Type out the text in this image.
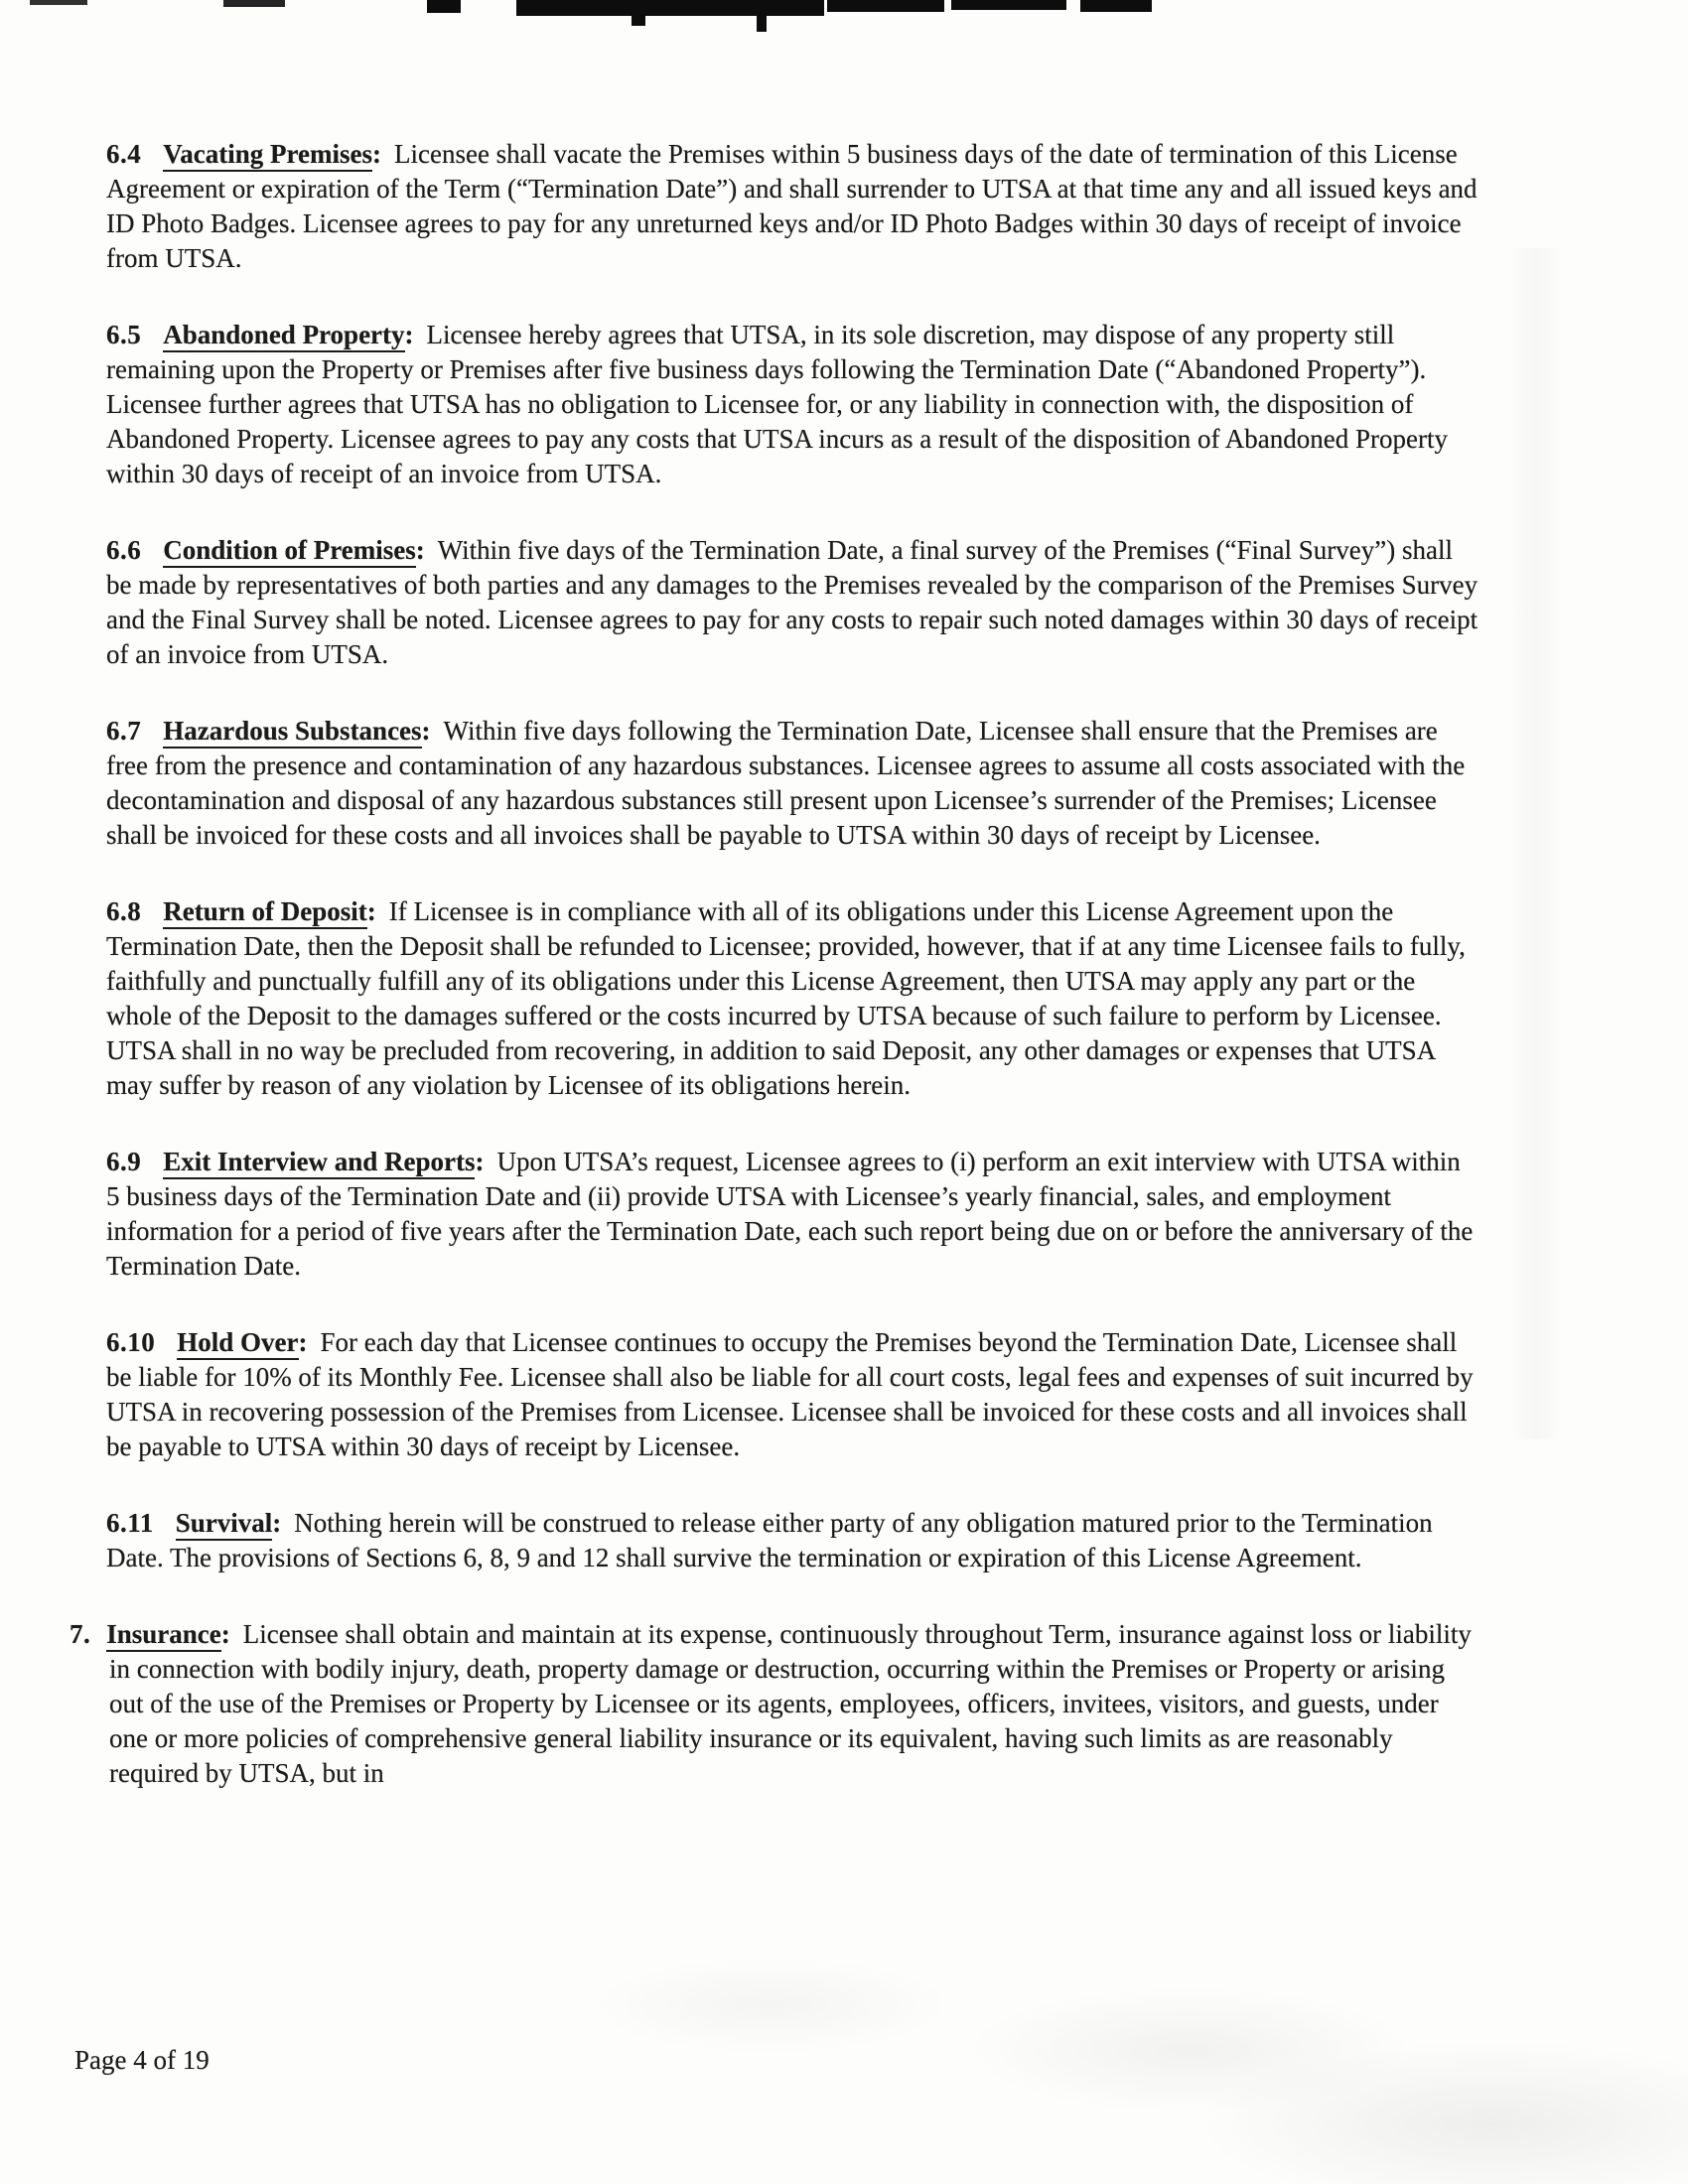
6.4 Vacating Premises: Licensee shall vacate the Premises within 5 business days of the date of termination of this License Agreement or expiration of the Term (“Termination Date”) and shall surrender to UTSA at that time any and all issued keys and ID Photo Badges. Licensee agrees to pay for any unreturned keys and/or ID Photo Badges within 30 days of receipt of invoice from UTSA.

6.5 Abandoned Property: Licensee hereby agrees that UTSA, in its sole discretion, may dispose of any property still remaining upon the Property or Premises after five business days following the Termination Date (“Abandoned Property”). Licensee further agrees that UTSA has no obligation to Licensee for, or any liability in connection with, the disposition of Abandoned Property. Licensee agrees to pay any costs that UTSA incurs as a result of the disposition of Abandoned Property within 30 days of receipt of an invoice from UTSA.

6.6 Condition of Premises: Within five days of the Termination Date, a final survey of the Premises (“Final Survey”) shall be made by representatives of both parties and any damages to the Premises revealed by the comparison of the Premises Survey and the Final Survey shall be noted. Licensee agrees to pay for any costs to repair such noted damages within 30 days of receipt of an invoice from UTSA.

6.7 Hazardous Substances: Within five days following the Termination Date, Licensee shall ensure that the Premises are free from the presence and contamination of any hazardous substances. Licensee agrees to assume all costs associated with the decontamination and disposal of any hazardous substances still present upon Licensee’s surrender of the Premises; Licensee shall be invoiced for these costs and all invoices shall be payable to UTSA within 30 days of receipt by Licensee.

6.8 Return of Deposit: If Licensee is in compliance with all of its obligations under this License Agreement upon the Termination Date, then the Deposit shall be refunded to Licensee; provided, however, that if at any time Licensee fails to fully, faithfully and punctually fulfill any of its obligations under this License Agreement, then UTSA may apply any part or the whole of the Deposit to the damages suffered or the costs incurred by UTSA because of such failure to perform by Licensee. UTSA shall in no way be precluded from recovering, in addition to said Deposit, any other damages or expenses that UTSA may suffer by reason of any violation by Licensee of its obligations herein.

6.9 Exit Interview and Reports: Upon UTSA’s request, Licensee agrees to (i) perform an exit interview with UTSA within 5 business days of the Termination Date and (ii) provide UTSA with Licensee’s yearly financial, sales, and employment information for a period of five years after the Termination Date, each such report being due on or before the anniversary of the Termination Date.

6.10 Hold Over: For each day that Licensee continues to occupy the Premises beyond the Termination Date, Licensee shall be liable for 10% of its Monthly Fee. Licensee shall also be liable for all court costs, legal fees and expenses of suit incurred by UTSA in recovering possession of the Premises from Licensee. Licensee shall be invoiced for these costs and all invoices shall be payable to UTSA within 30 days of receipt by Licensee.

6.11 Survival: Nothing herein will be construed to release either party of any obligation matured prior to the Termination Date. The provisions of Sections 6, 8, 9 and 12 shall survive the termination or expiration of this License Agreement.

7. Insurance: Licensee shall obtain and maintain at its expense, continuously throughout Term, insurance against loss or liability in connection with bodily injury, death, property damage or destruction, occurring within the Premises or Property or arising out of the use of the Premises or Property by Licensee or its agents, employees, officers, invitees, visitors, and guests, under one or more policies of comprehensive general liability insurance or its equivalent, having such limits as are reasonably required by UTSA, but in

Page 4 of 19
